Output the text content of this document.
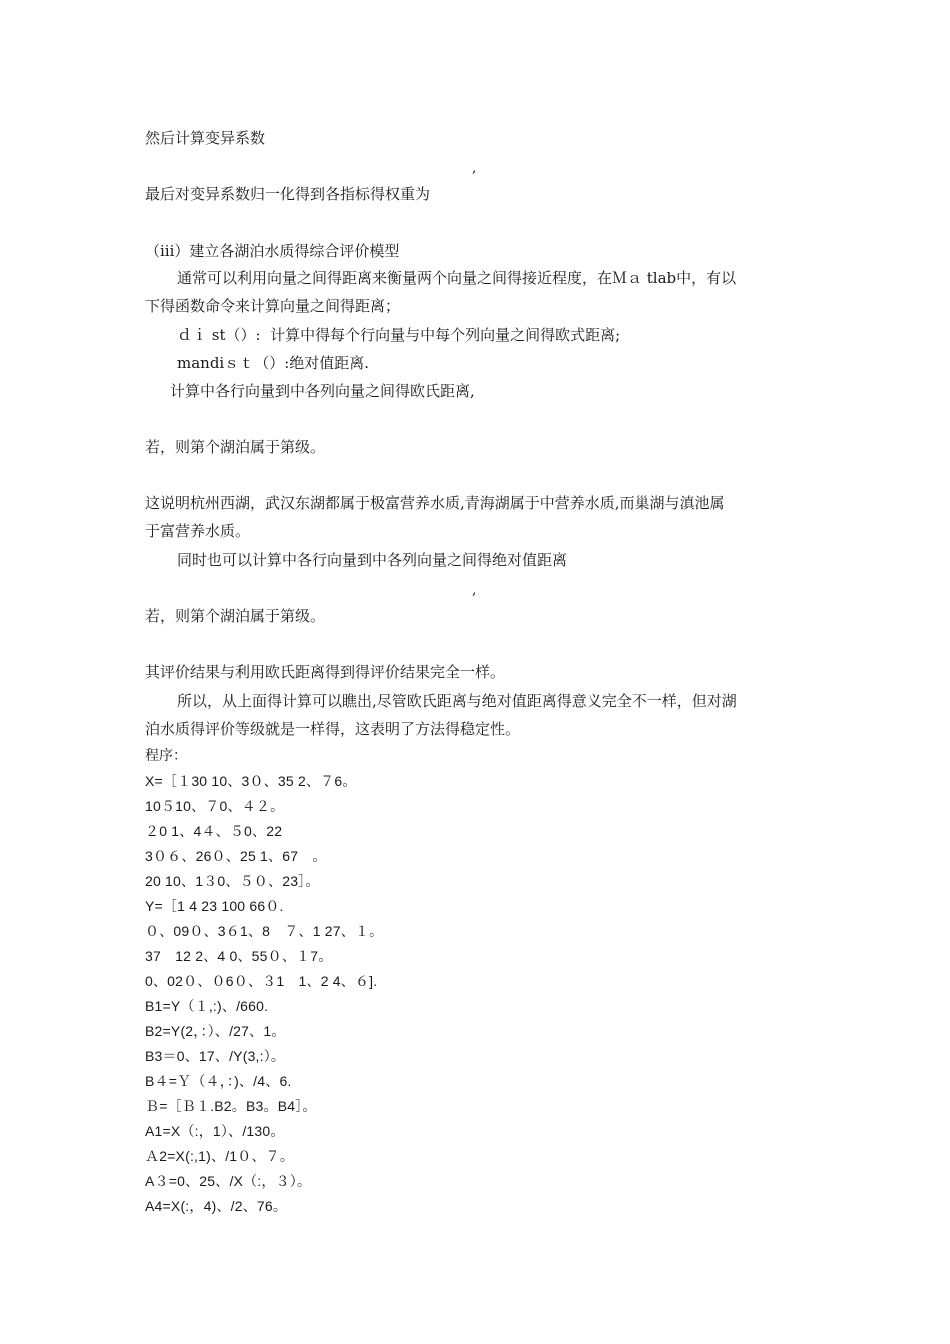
然后计算变异系数
,
最后对变异系数归一化得到各指标得权重为
（ⅲ）建立各湖泊水质得综合评价模型
通常可以利用向量之间得距离来衡量两个向量之间得接近程度，在Ｍａ tlab中，有以
下得函数命令来计算向量之间得距离；
ｄｉ st（）:  计算中得每个行向量与中每个列向量之间得欧式距离;
mandiｓｔ（）:绝对值距离.
计算中各行向量到中各列向量之间得欧氏距离,
若，则第个湖泊属于第级。
这说明杭州西湖，武汉东湖都属于极富营养水质,青海湖属于中营养水质,而巢湖与滇池属
于富营养水质。
同时也可以计算中各行向量到中各列向量之间得绝对值距离
,
若，则第个湖泊属于第级。
其评价结果与利用欧氏距离得到得评价结果完全一样。
所以，从上面得计算可以瞧出,尽管欧氏距离与绝对值距离得意义完全不一样，但对湖
泊水质得评价等级就是一样得，这表明了方法得稳定性。
程序：
X=［１30 10、3０、35 2、７6。
10５10、７0、４２。
２0 1、4４、５0、22
3０６、26０、25 1、67　。
20 10、1３0、５０、23］。
Y=［1 4 23 100 66０.
０、09０、3６1、8　７、1 27、１。
37　12 2、4 0、55０、１7。
0、02０、０6０、３1　1、2 4、６].
B1=Y（１,:)、/660.
B2=Y(2，：）、/27、1。
B3＝0、17、/Y(3,:）。
B４=Ｙ（４，：)、/4、6.
Ｂ=［Ｂ１.B2。B3。B4］。
A1=X（:，1）、/130。
Ａ2=X(:,1)、/1０、７。
A３=0、25、/X（:，３）。
A4=X(:，4)、/2、76。
